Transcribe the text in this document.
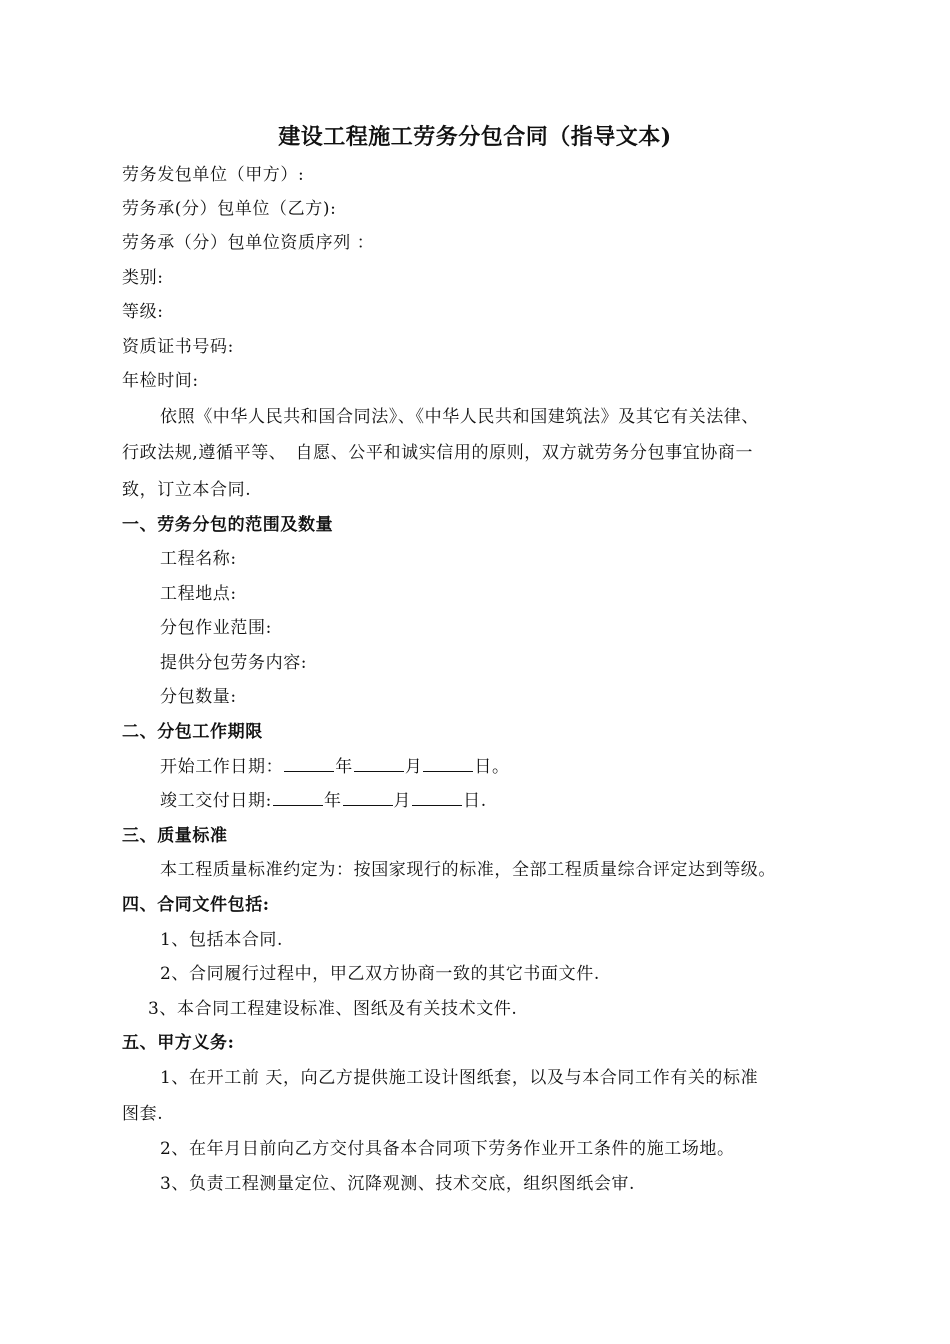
建设工程施工劳务分包合同（指导文本)
劳务发包单位（甲方）:
劳务承(分）包单位（乙方):
劳务承（分）包单位资质序列 ：
类别:
等级:
资质证书号码:
年检时间:
依照《中华人民共和国合同法》、《中华人民共和国建筑法》及其它有关法律、
行政法规,遵循平等、　自愿、公平和诚实信用的原则，双方就劳务分包事宜协商一
致，订立本合同.
一、劳务分包的范围及数量
工程名称:
工程地点:
分包作业范围:
提供分包劳务内容:
分包数量:
二、分包工作期限
开始工作日期：	年	月	日。
竣工交付日期:	年	月	日.
三、质量标准
本工程质量标准约定为：按国家现行的标准，全部工程质量综合评定达到等级。
四、合同文件包括:
1、包括本合同.
2、合同履行过程中，甲乙双方协商一致的其它书面文件.
3、本合同工程建设标准、图纸及有关技术文件.
五、甲方义务:
1、在开工前 天，向乙方提供施工设计图纸套，以及与本合同工作有关的标准
图套.
2、在年月日前向乙方交付具备本合同项下劳务作业开工条件的施工场地。
3、负责工程测量定位、沉降观测、技术交底，组织图纸会审.
